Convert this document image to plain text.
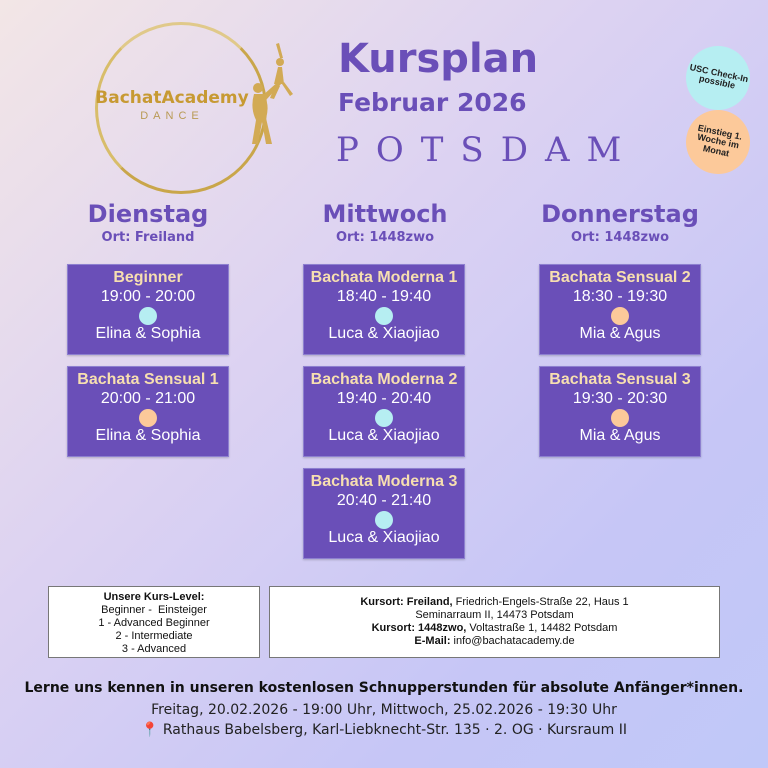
BachatAcademy
DANCE
Kursplan
Februar 2026
POTSDAM
USC Check-In possible
Einstieg 1. Woche im Monat
Dienstag
Ort: Freiland
Mittwoch
Ort: 1448zwo
Donnerstag
Ort: 1448zwo
Beginner
19:00 - 20:00
Elina & Sophia
Bachata Sensual 1
20:00 - 21:00
Elina & Sophia
Bachata Moderna 1
18:40 - 19:40
Luca & Xiaojiao
Bachata Moderna 2
19:40 - 20:40
Luca & Xiaojiao
Bachata Moderna 3
20:40 - 21:40
Luca & Xiaojiao
Bachata Sensual 2
18:30 - 19:30
Mia & Agus
Bachata Sensual 3
19:30 - 20:30
Mia & Agus
Unsere Kurs-Level:
Beginner -  Einsteiger
1 - Advanced Beginner
2 - Intermediate
3 - Advanced
Kursort: Freiland, Friedrich-Engels-Straße 22, Haus 1
Seminarraum II, 14473 Potsdam
Kursort: 1448zwo, Voltastraße 1, 14482 Potsdam
E-Mail: info@bachatacademy.de
Lerne uns kennen in unseren kostenlosen Schnupperstunden für absolute Anfänger*innen.
Freitag, 20.02.2026 - 19:00 Uhr, Mittwoch, 25.02.2026 - 19:30 Uhr
📍 Rathaus Babelsberg, Karl-Liebknecht-Str. 135 · 2. OG · Kursraum II
